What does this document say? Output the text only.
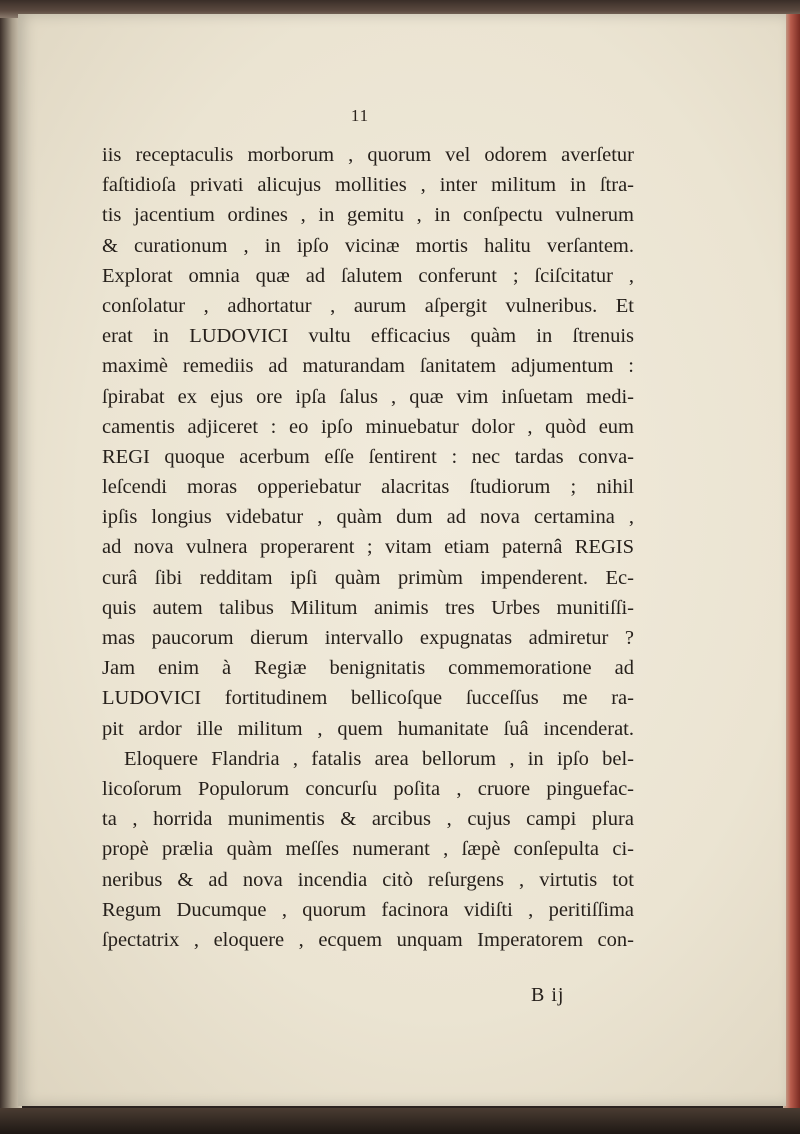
11
iis receptaculis morborum , quorum vel odorem averſetur
faſtidioſa privati alicujus mollities , inter militum in ſtra-
tis jacentium ordines , in gemitu , in conſpectu vulnerum
& curationum , in ipſo vicinæ mortis halitu verſantem.
Explorat omnia quæ ad ſalutem conferunt ; ſciſcitatur ,
conſolatur , adhortatur , aurum aſpergit vulneribus. Et
erat in LUDOVICI vultu efficacius quàm in ſtrenuis
maximè remediis ad maturandam ſanitatem adjumentum :
ſpirabat ex ejus ore ipſa ſalus , quæ vim inſuetam medi-
camentis adjiceret : eo ipſo minuebatur dolor , quòd eum
REGI quoque acerbum eſſe ſentirent : nec tardas conva-
leſcendi moras opperiebatur alacritas ſtudiorum ; nihil
ipſis longius videbatur , quàm dum ad nova certamina ,
ad nova vulnera properarent ; vitam etiam paternâ REGIS
curâ ſibi redditam ipſi quàm primùm impenderent. Ec-
quis autem talibus Militum animis tres Urbes munitiſſi-
mas paucorum dierum intervallo expugnatas admiretur ?
Jam enim à Regiæ benignitatis commemoratione ad
LUDOVICI fortitudinem bellicoſque ſucceſſus me ra-
pit ardor ille militum , quem humanitate ſuâ incenderat.
Eloquere Flandria , fatalis area bellorum , in ipſo bel-
licoſorum Populorum concurſu poſita , cruore pinguefac-
ta , horrida munimentis & arcibus , cujus campi plura
propè prælia quàm meſſes numerant , ſæpè conſepulta ci-
neribus & ad nova incendia citò reſurgens , virtutis tot
Regum Ducumque , quorum facinora vidiſti , peritiſſima
ſpectatrix , eloquere , ecquem unquam Imperatorem con-
B ij
